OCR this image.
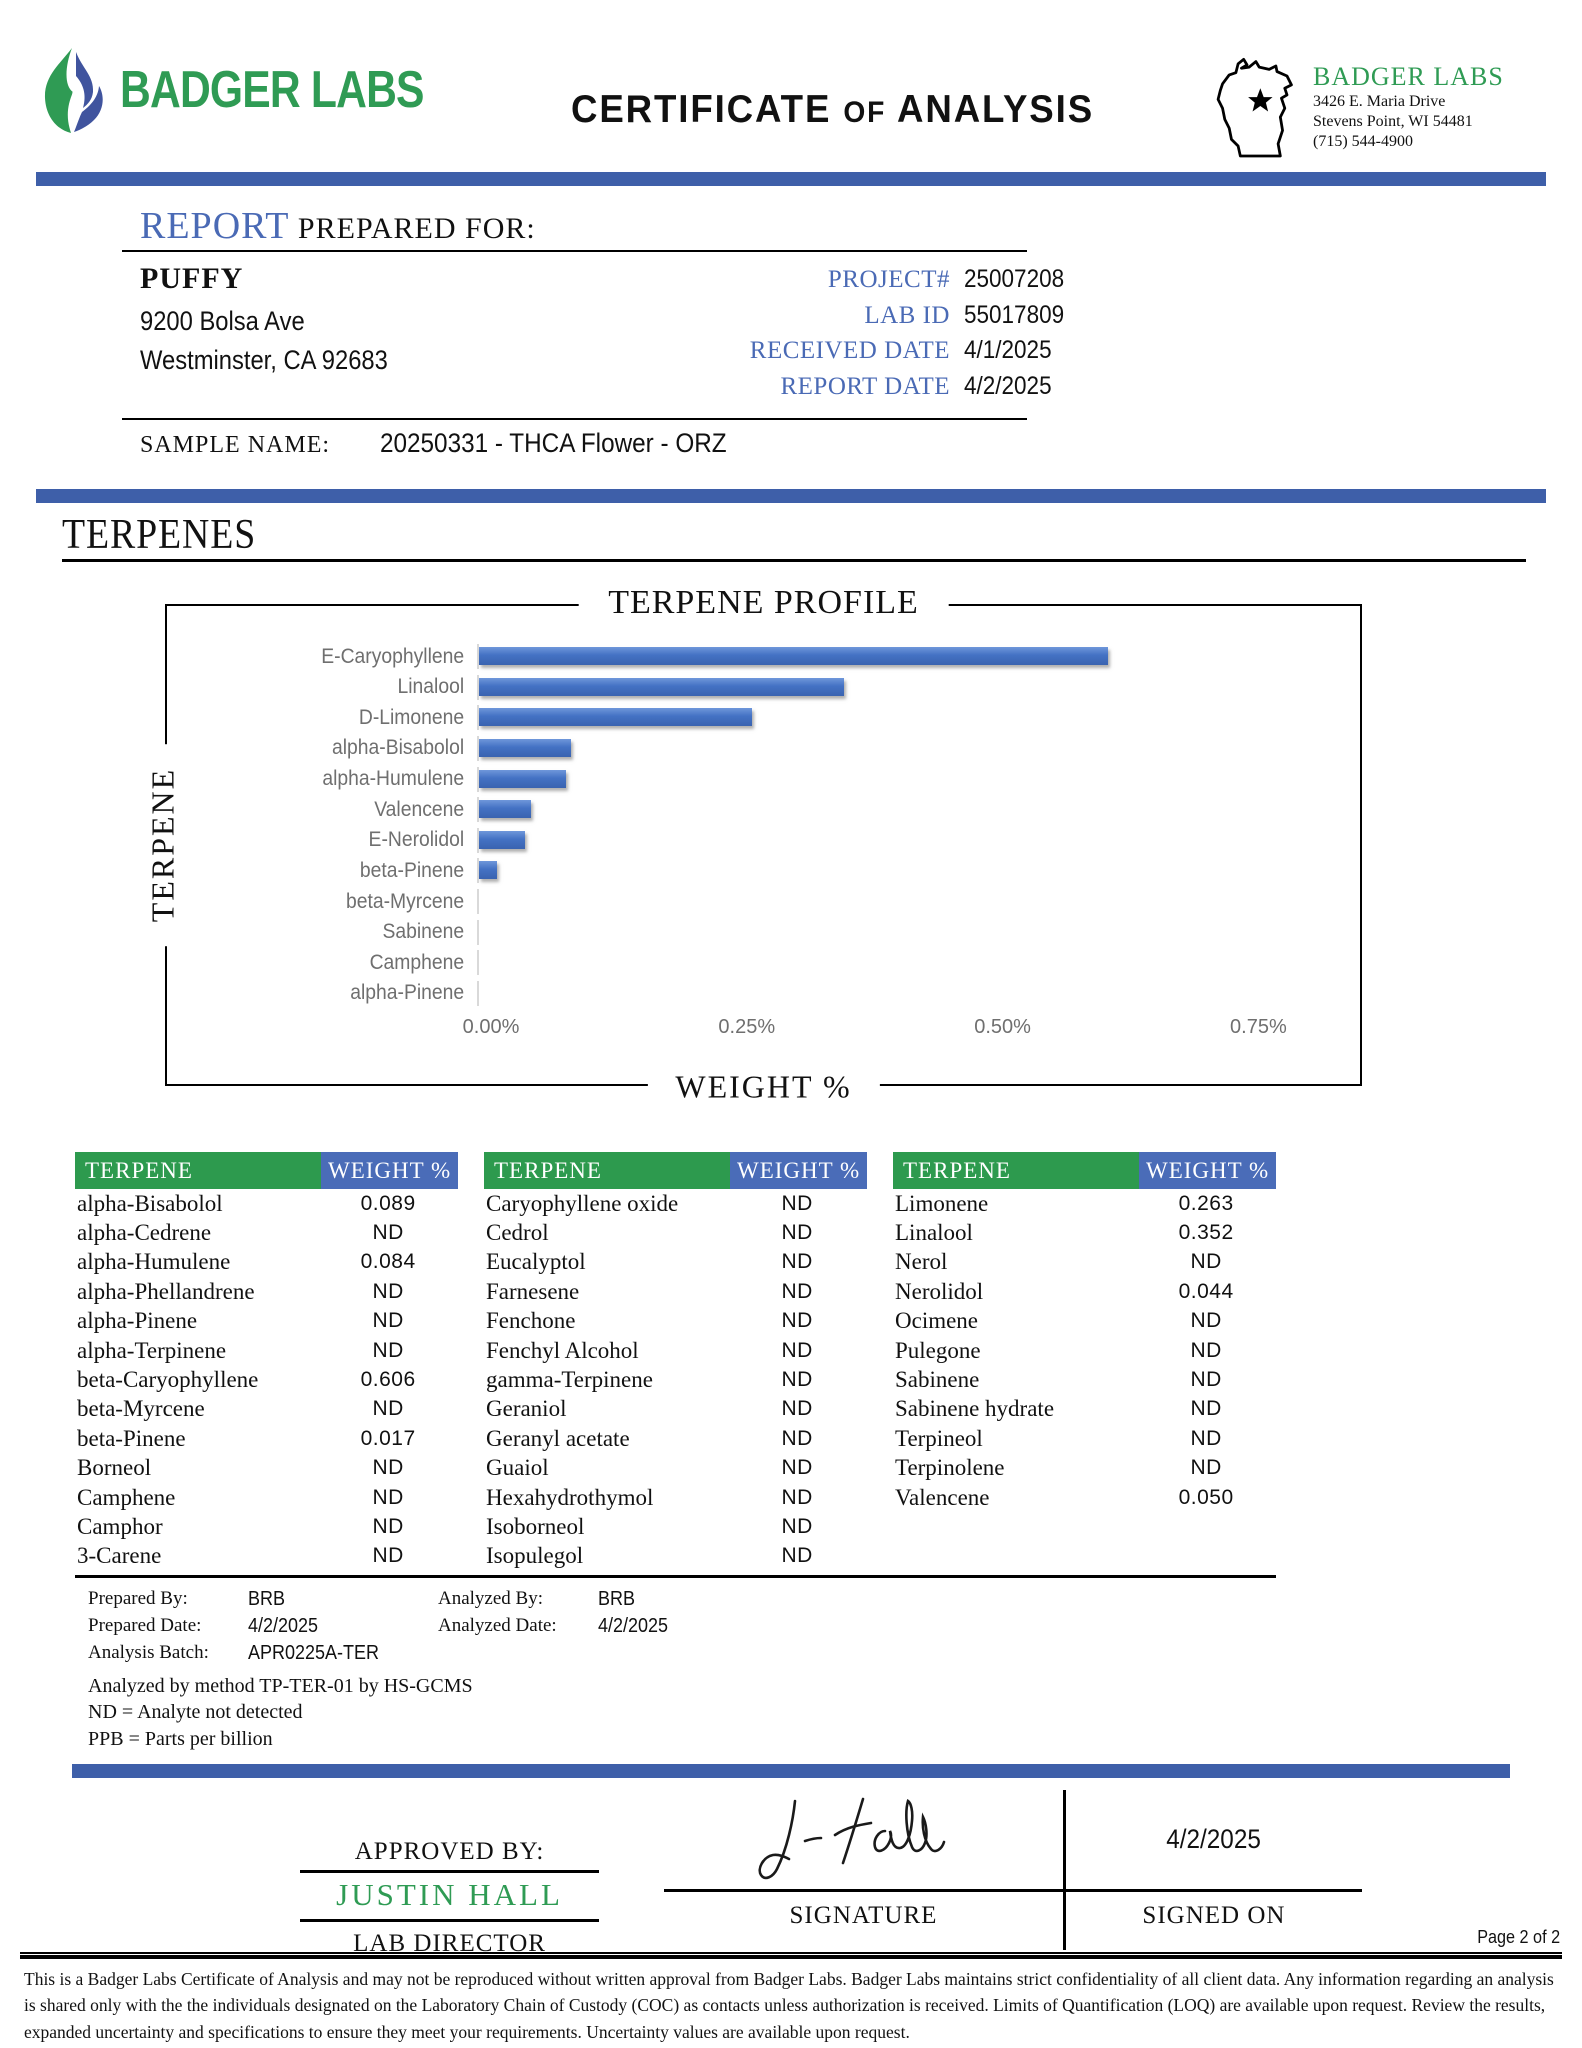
BADGER LABS	CERTIFICATE OF ANALYSIS
BADGER LABS
3426 E. Maria Drive
Stevens Point, WI 54481
(715) 544-4900
REPORT PREPARED FOR:
PUFFY
9200 Bolsa Ave
Westminster, CA 92683
PROJECT# 25007208
LAB ID 55017809
RECEIVED DATE 4/1/2025
REPORT DATE 4/2/2025
SAMPLE NAME: 20250331 - THCA Flower - ORZ
TERPENES
TERPENE PROFILE
TERPENE
WEIGHT %
E-Caryophyllene
Linalool
D-Limonene
alpha-Bisabolol
alpha-Humulene
Valencene
E-Nerolidol
beta-Pinene
beta-Myrcene
Sabinene
Camphene
alpha-Pinene
0.00%	0.25%	0.50%	0.75%
TERPENE	WEIGHT %
alpha-Bisabolol	0.089
alpha-Cedrene	ND
alpha-Humulene	0.084
alpha-Phellandrene	ND
alpha-Pinene	ND
alpha-Terpinene	ND
beta-Caryophyllene	0.606
beta-Myrcene	ND
beta-Pinene	0.017
Borneol	ND
Camphene	ND
Camphor	ND
3-Carene	ND
TERPENE	WEIGHT %
Caryophyllene oxide	ND
Cedrol	ND
Eucalyptol	ND
Farnesene	ND
Fenchone	ND
Fenchyl Alcohol	ND
gamma-Terpinene	ND
Geraniol	ND
Geranyl acetate	ND
Guaiol	ND
Hexahydrothymol	ND
Isoborneol	ND
Isopulegol	ND
TERPENE	WEIGHT %
Limonene	0.263
Linalool	0.352
Nerol	ND
Nerolidol	0.044
Ocimene	ND
Pulegone	ND
Sabinene	ND
Sabinene hydrate	ND
Terpineol	ND
Terpinolene	ND
Valencene	0.050
Prepared By:	BRB	Analyzed By:	BRB
Prepared Date:	4/2/2025	Analyzed Date:	4/2/2025
Analysis Batch:	APR0225A-TER
Analyzed by method TP-TER-01 by HS-GCMS
ND = Analyte not detected
PPB = Parts per billion
APPROVED BY:
JUSTIN HALL
LAB DIRECTOR
SIGNATURE
4/2/2025
SIGNED ON
Page 2 of 2
This is a Badger Labs Certificate of Analysis and may not be reproduced without written approval from Badger Labs. Badger Labs maintains strict confidentiality of all client data. Any information regarding an analysis is shared only with the the individuals designated on the Laboratory Chain of Custody (COC) as contacts unless authorization is received. Limits of Quantification (LOQ) are available upon request. Review the results, expanded uncertainty and specifications to ensure they meet your requirements. Uncertainty values are available upon request.
